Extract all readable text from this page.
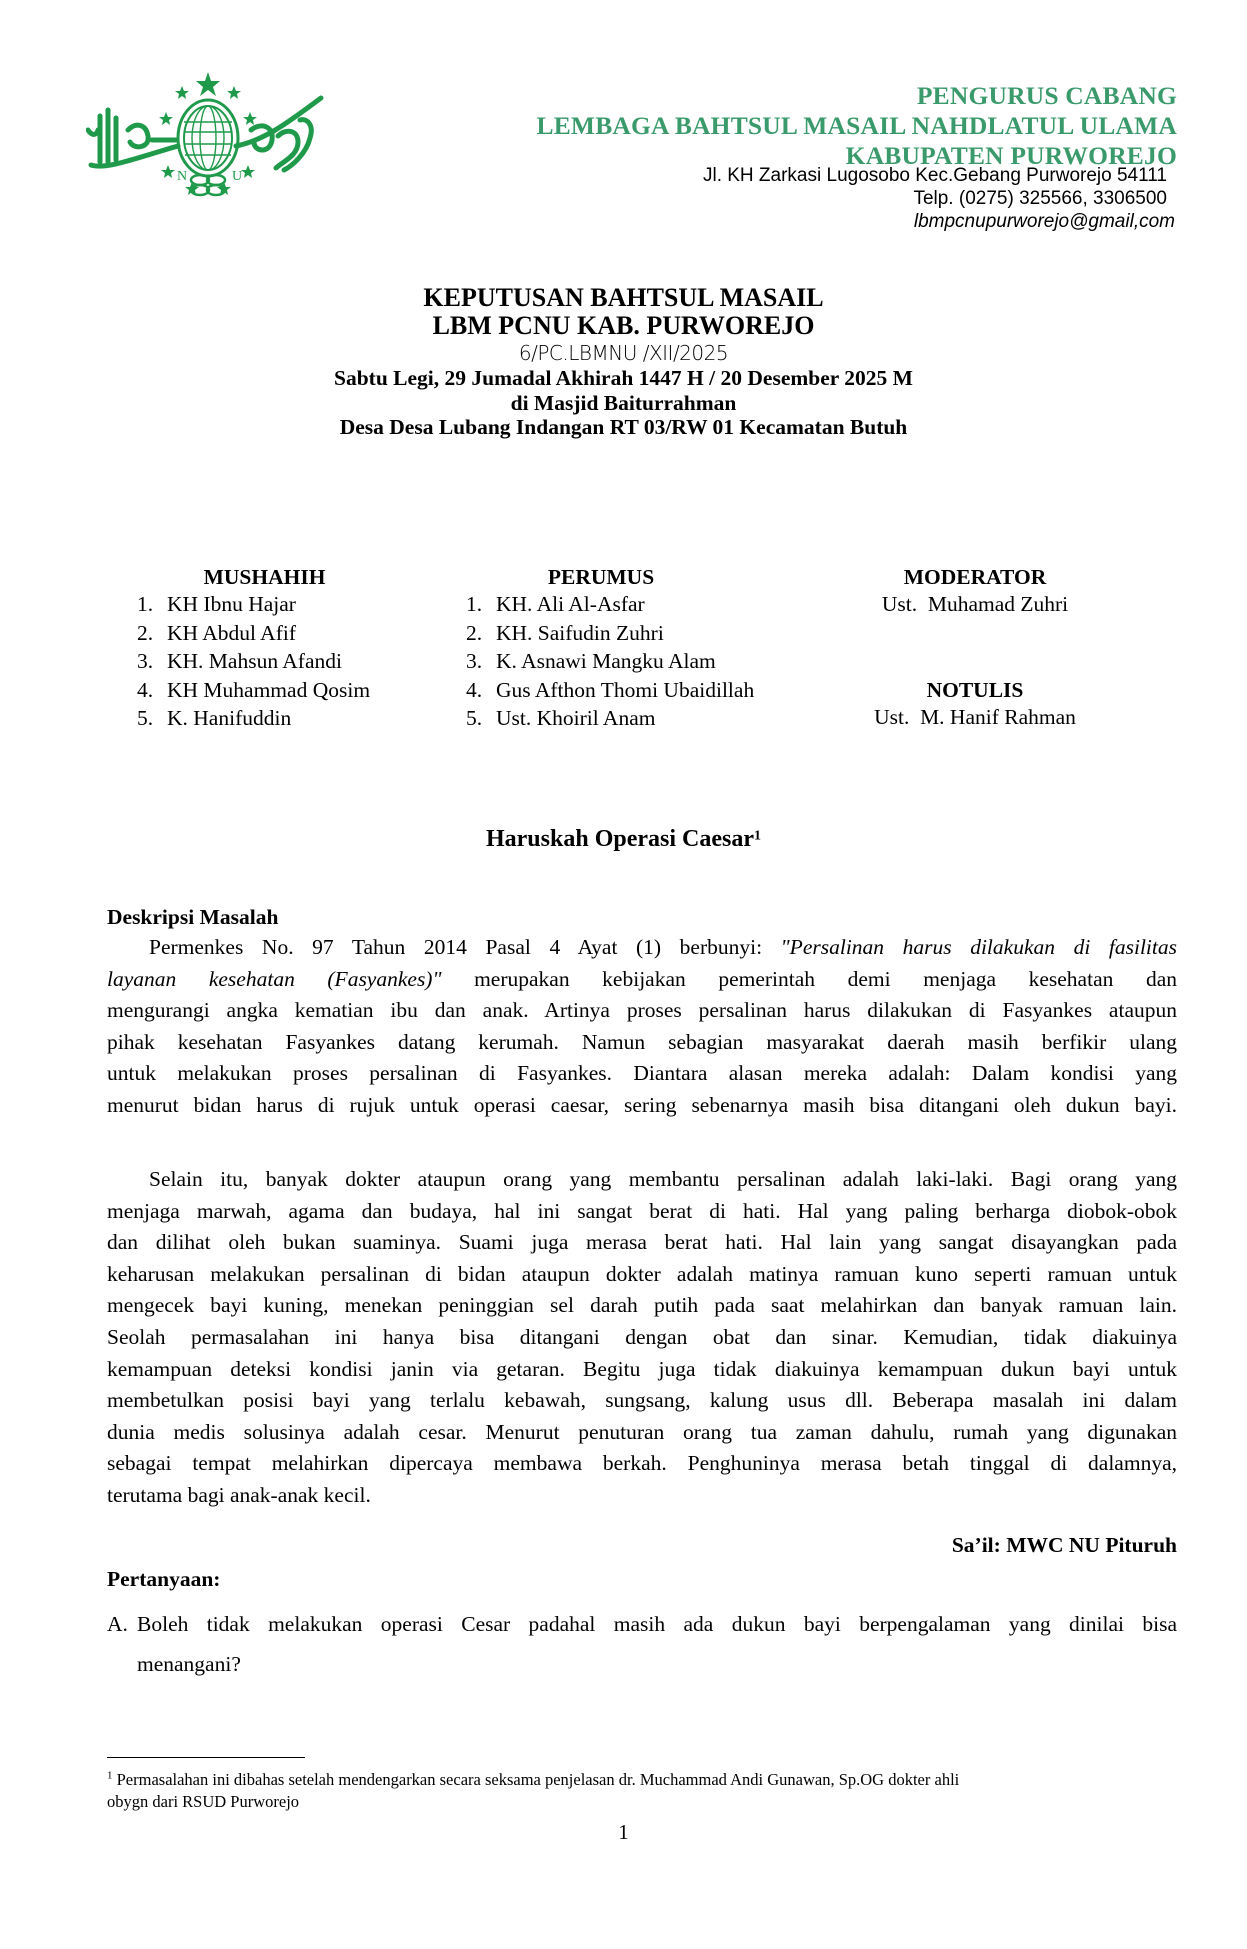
N	U
PENGURUS CABANG
LEMBAGA BAHTSUL MASAIL NAHDLATUL ULAMA
KABUPATEN PURWOREJO
Jl. KH Zarkasi Lugosobo Kec.Gebang Purworejo 54111
Telp. (0275) 325566, 3306500
lbmpcnupurworejo@gmail,com
KEPUTUSAN BAHTSUL MASAIL
LBM PCNU KAB. PURWOREJO
6/PC.LBMNU /XII/2025
Sabtu Legi, 29 Jumadal Akhirah 1447 H / 20 Desember 2025 M
di Masjid Baiturrahman
Desa Desa Lubang Indangan RT 03/RW 01 Kecamatan Butuh
MUSHAHIH
1. KH Ibnu Hajar
2. KH Abdul Afif
3. KH. Mahsun Afandi
4. KH Muhammad Qosim
5. K. Hanifuddin
PERUMUS
1. KH. Ali Al-Asfar
2. KH. Saifudin Zuhri
3. K. Asnawi Mangku Alam
4. Gus Afthon Thomi Ubaidillah
5. Ust. Khoiril Anam
MODERATOR
Ust.  Muhamad Zuhri
NOTULIS
Ust.  M. Hanif Rahman
Haruskah Operasi Caesar1
Deskripsi Masalah
Permenkes No. 97 Tahun 2014 Pasal 4 Ayat (1) berbunyi: "Persalinan harus dilakukan di fasilitas
layanan kesehatan (Fasyankes)" merupakan kebijakan pemerintah demi menjaga kesehatan dan
mengurangi angka kematian ibu dan anak. Artinya proses persalinan harus dilakukan di Fasyankes ataupun
pihak kesehatan Fasyankes datang kerumah. Namun sebagian masyarakat daerah masih berfikir ulang
untuk melakukan proses persalinan di Fasyankes. Diantara alasan mereka adalah: Dalam kondisi yang
menurut bidan harus di rujuk untuk operasi caesar, sering sebenarnya masih bisa ditangani oleh dukun bayi.
Selain itu, banyak dokter ataupun orang yang membantu persalinan adalah laki-laki. Bagi orang yang
menjaga marwah, agama dan budaya, hal ini sangat berat di hati. Hal yang paling berharga diobok-obok
dan dilihat oleh bukan suaminya. Suami juga merasa berat hati. Hal lain yang sangat disayangkan pada
keharusan melakukan persalinan di bidan ataupun dokter adalah matinya ramuan kuno seperti ramuan untuk
mengecek bayi kuning, menekan peninggian sel darah putih pada saat melahirkan dan banyak ramuan lain.
Seolah permasalahan ini hanya bisa ditangani dengan obat dan sinar. Kemudian, tidak diakuinya
kemampuan deteksi kondisi janin via getaran. Begitu juga tidak diakuinya kemampuan dukun bayi untuk
membetulkan posisi bayi yang terlalu kebawah, sungsang, kalung usus dll. Beberapa masalah ini dalam
dunia medis solusinya adalah cesar. Menurut penuturan orang tua zaman dahulu, rumah yang digunakan
sebagai tempat melahirkan dipercaya membawa berkah. Penghuninya merasa betah tinggal di dalamnya,
terutama bagi anak-anak kecil.
Sa’il: MWC NU Pituruh
Pertanyaan:
A. Boleh tidak melakukan operasi Cesar padahal masih ada dukun bayi berpengalaman yang dinilai bisa
menangani?
$^1$ Permasalahan ini dibahas setelah mendengarkan secara seksama penjelasan dr. Muchammad Andi Gunawan, Sp.OG dokter ahli
obygn dari RSUD Purworejo
1
